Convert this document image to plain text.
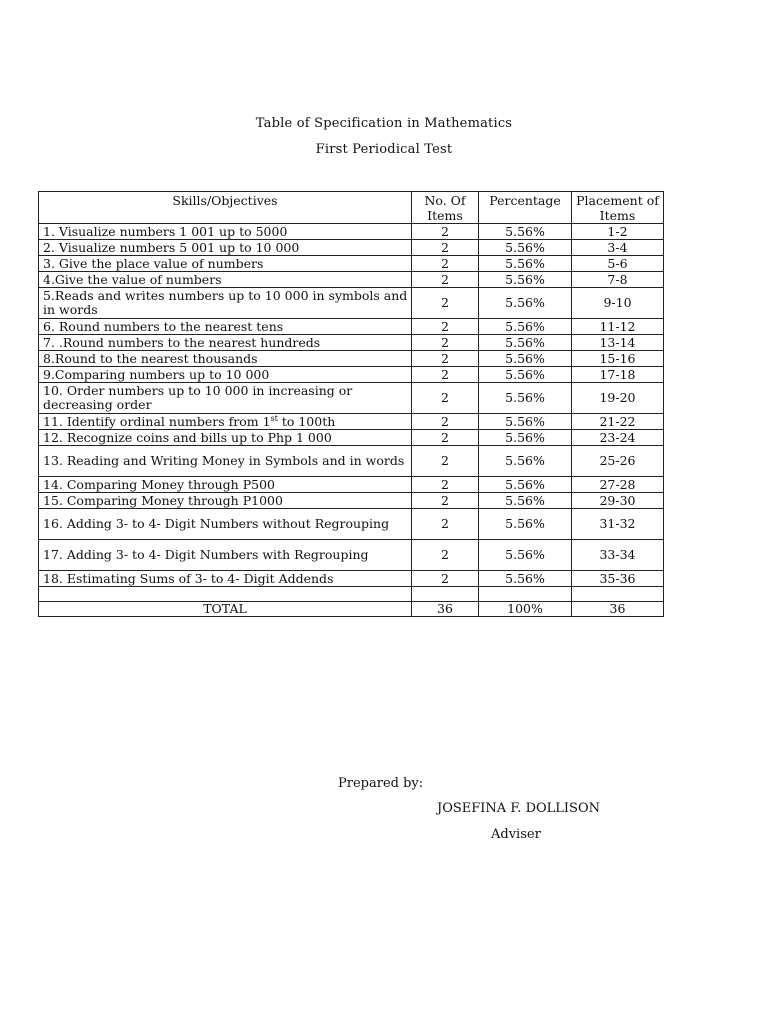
Table of Specification in Mathematics
First Periodical Test
Skills/Objectives	No. Of Items	Percentage	Placement of Items
1. Visualize numbers 1 001 up to 5000	2	5.56%	1-2
2. Visualize numbers 5 001 up to 10 000	2	5.56%	3-4
3. Give the place value of numbers	2	5.56%	5-6
4.Give the value of numbers	2	5.56%	7-8
5.Reads and writes numbers up to 10 000 in symbols and in words	2	5.56%	9-10
6. Round numbers to the nearest tens	2	5.56%	11-12
7. .Round numbers to the nearest hundreds	2	5.56%	13-14
8.Round to the nearest thousands	2	5.56%	15-16
9.Comparing numbers up to 10 000	2	5.56%	17-18
10. Order numbers up to 10 000 in increasing or decreasing order	2	5.56%	19-20
11. Identify ordinal numbers from 1st to 100th	2	5.56%	21-22
12. Recognize coins and bills up to Php 1 000	2	5.56%	23-24
13. Reading and Writing Money in Symbols and in words	2	5.56%	25-26
14. Comparing Money through P500	2	5.56%	27-28
15. Comparing Money through P1000	2	5.56%	29-30
16. Adding 3- to 4- Digit Numbers without Regrouping	2	5.56%	31-32
17. Adding 3- to 4- Digit Numbers with Regrouping	2	5.56%	33-34
18. Estimating Sums of 3- to 4- Digit Addends	2	5.56%	35-36

TOTAL	36	100%	36
Prepared by:
JOSEFINA F. DOLLISON
Adviser
